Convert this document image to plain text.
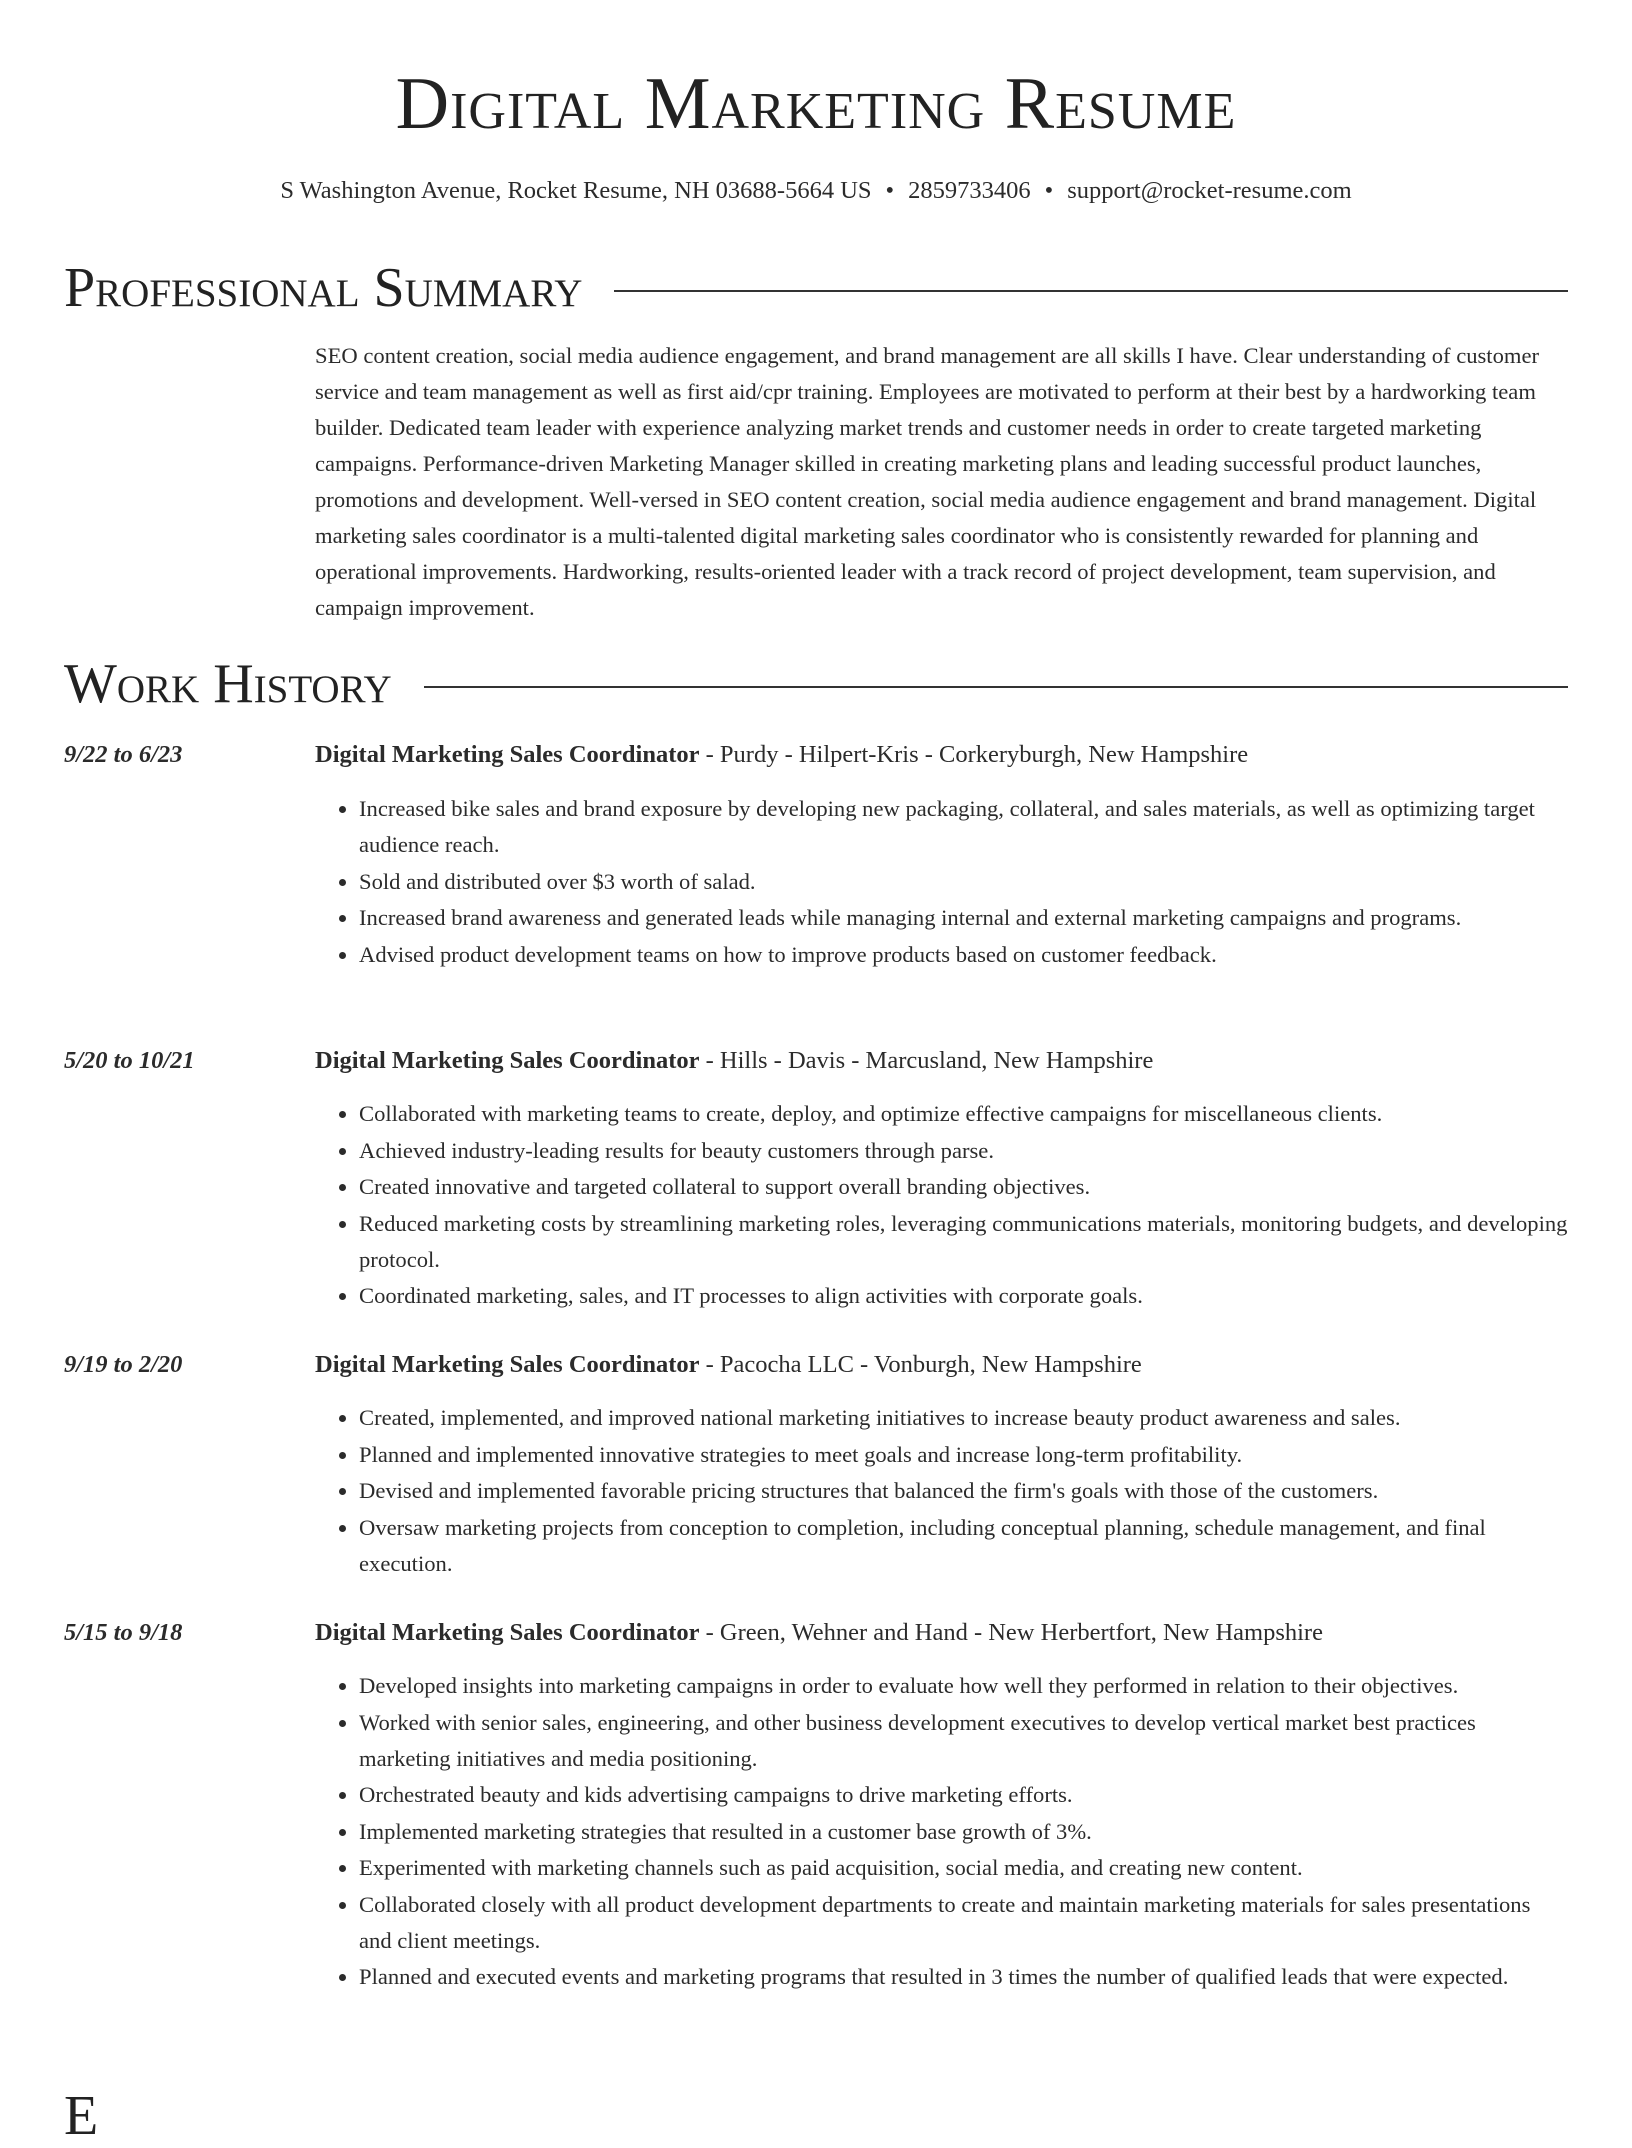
Digital Marketing Resume
S Washington Avenue, Rocket Resume, NH 03688-5664 US • 2859733406 • support@rocket-resume.com
Professional Summary

SEO content creation, social media audience engagement, and brand management are all skills I have. Clear understanding of customer service and team management as well as first aid/cpr training. Employees are motivated to perform at their best by a hardworking team builder. Dedicated team leader with experience analyzing market trends and customer needs in order to create targeted marketing campaigns. Performance-driven Marketing Manager skilled in creating marketing plans and leading successful product launches, promotions and development. Well-versed in SEO content creation, social media audience engagement and brand management. Digital marketing sales coordinator is a multi-talented digital marketing sales coordinator who is consistently rewarded for planning and operational improvements. Hardworking, results-oriented leader with a track record of project development, team supervision, and campaign improvement.

Work History
9/22 to 6/23	Digital Marketing Sales Coordinator - Purdy - Hilpert-Kris - Corkeryburgh, New Hampshire
• Increased bike sales and brand exposure by developing new packaging, collateral, and sales materials, as well as optimizing target audience reach.
• Sold and distributed over $3 worth of salad.
• Increased brand awareness and generated leads while managing internal and external marketing campaigns and programs.
• Advised product development teams on how to improve products based on customer feedback.
5/20 to 10/21	Digital Marketing Sales Coordinator - Hills - Davis - Marcusland, New Hampshire
• Collaborated with marketing teams to create, deploy, and optimize effective campaigns for miscellaneous clients.
• Achieved industry-leading results for beauty customers through parse.
• Created innovative and targeted collateral to support overall branding objectives.
• Reduced marketing costs by streamlining marketing roles, leveraging communications materials, monitoring budgets, and developing protocol.
• Coordinated marketing, sales, and IT processes to align activities with corporate goals.
9/19 to 2/20	Digital Marketing Sales Coordinator - Pacocha LLC - Vonburgh, New Hampshire
• Created, implemented, and improved national marketing initiatives to increase beauty product awareness and sales.
• Planned and implemented innovative strategies to meet goals and increase long-term profitability.
• Devised and implemented favorable pricing structures that balanced the firm's goals with those of the customers.
• Oversaw marketing projects from conception to completion, including conceptual planning, schedule management, and final execution.
5/15 to 9/18	Digital Marketing Sales Coordinator - Green, Wehner and Hand - New Herbertfort, New Hampshire
• Developed insights into marketing campaigns in order to evaluate how well they performed in relation to their objectives.
• Worked with senior sales, engineering, and other business development executives to develop vertical market best practices marketing initiatives and media positioning.
• Orchestrated beauty and kids advertising campaigns to drive marketing efforts.
• Implemented marketing strategies that resulted in a customer base growth of 3%.
• Experimented with marketing channels such as paid acquisition, social media, and creating new content.
• Collaborated closely with all product development departments to create and maintain marketing materials for sales presentations and client meetings.
• Planned and executed events and marketing programs that resulted in 3 times the number of qualified leads that were expected.
E
